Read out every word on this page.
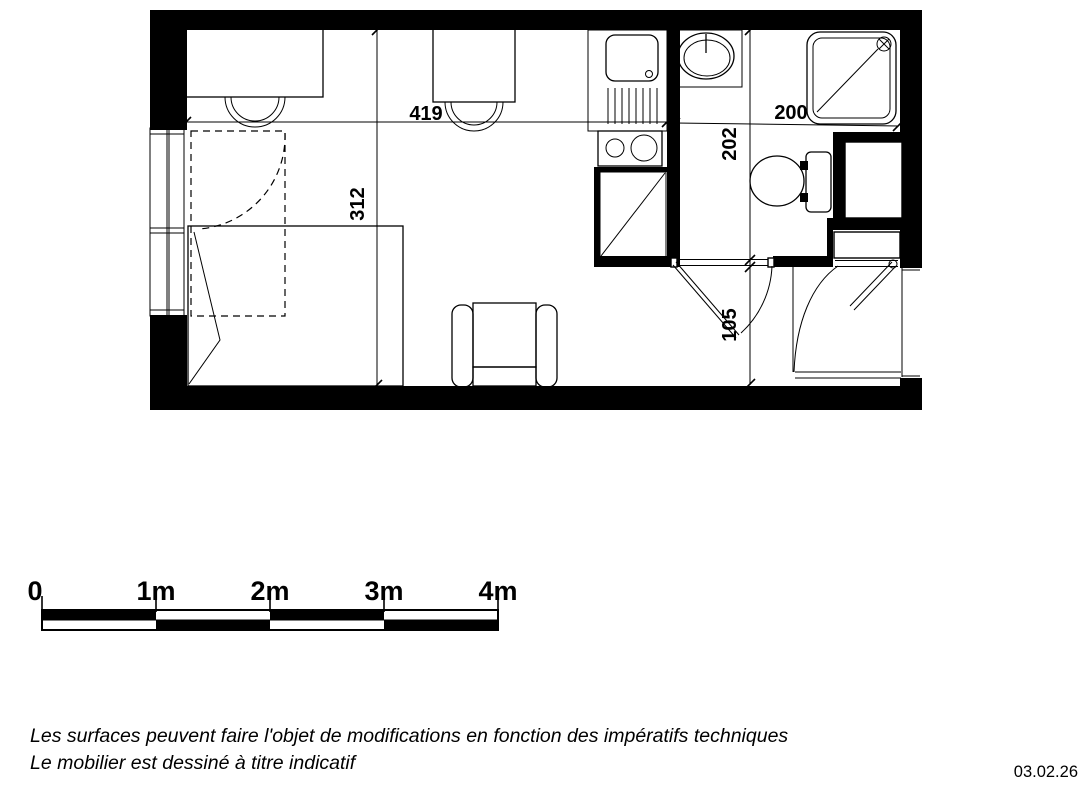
419
312
200
202
105
0	1m	2m	3m	4m
Les surfaces peuvent faire l'objet de modifications en fonction des impératifs techniques
Le mobilier est dessiné à titre indicatif	03.02.26
